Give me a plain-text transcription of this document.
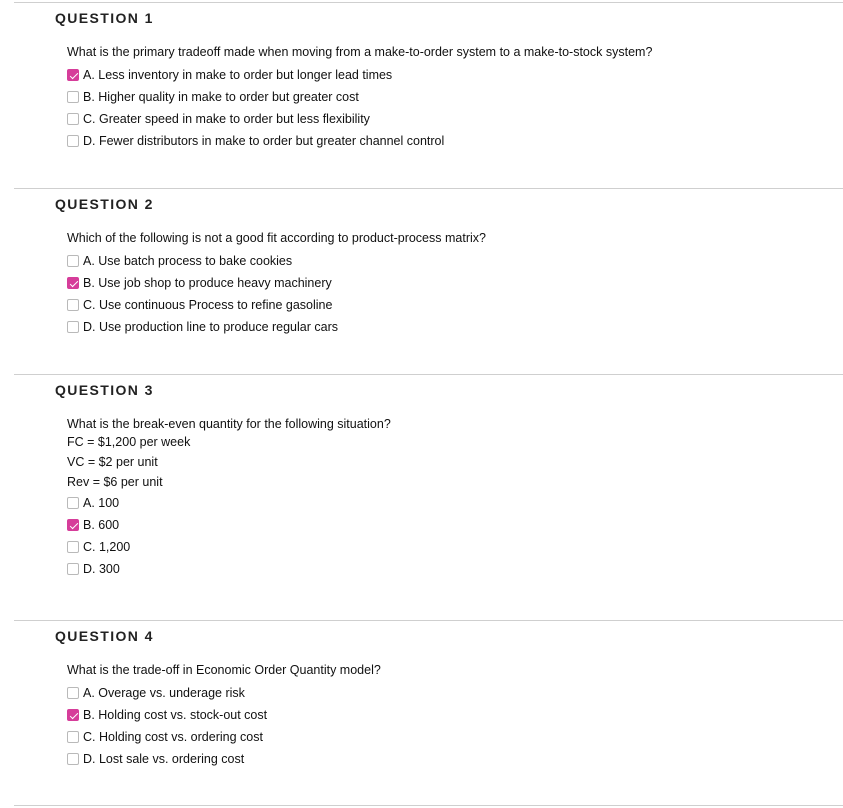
QUESTION 1
What is the primary tradeoff made when moving from a make-to-order system to a make-to-stock system?
A. Less inventory in make to order but longer lead times
B. Higher quality in make to order but greater cost
C. Greater speed in make to order but less flexibility
D. Fewer distributors in make to order but greater channel control
QUESTION 2
Which of the following is not a good fit according to product-process matrix?
A. Use batch process to bake cookies
B. Use job shop to produce heavy machinery
C. Use continuous Process to refine gasoline
D. Use production line to produce regular cars
QUESTION 3
What is the break-even quantity for the following situation?
FC = $1,200 per week
VC = $2 per unit
Rev = $6 per unit
A. 100
B. 600
C. 1,200
D. 300
QUESTION 4
What is the trade-off in Economic Order Quantity model?
A. Overage vs. underage risk
B. Holding cost vs. stock-out cost
C. Holding cost vs. ordering cost
D. Lost sale vs. ordering cost
